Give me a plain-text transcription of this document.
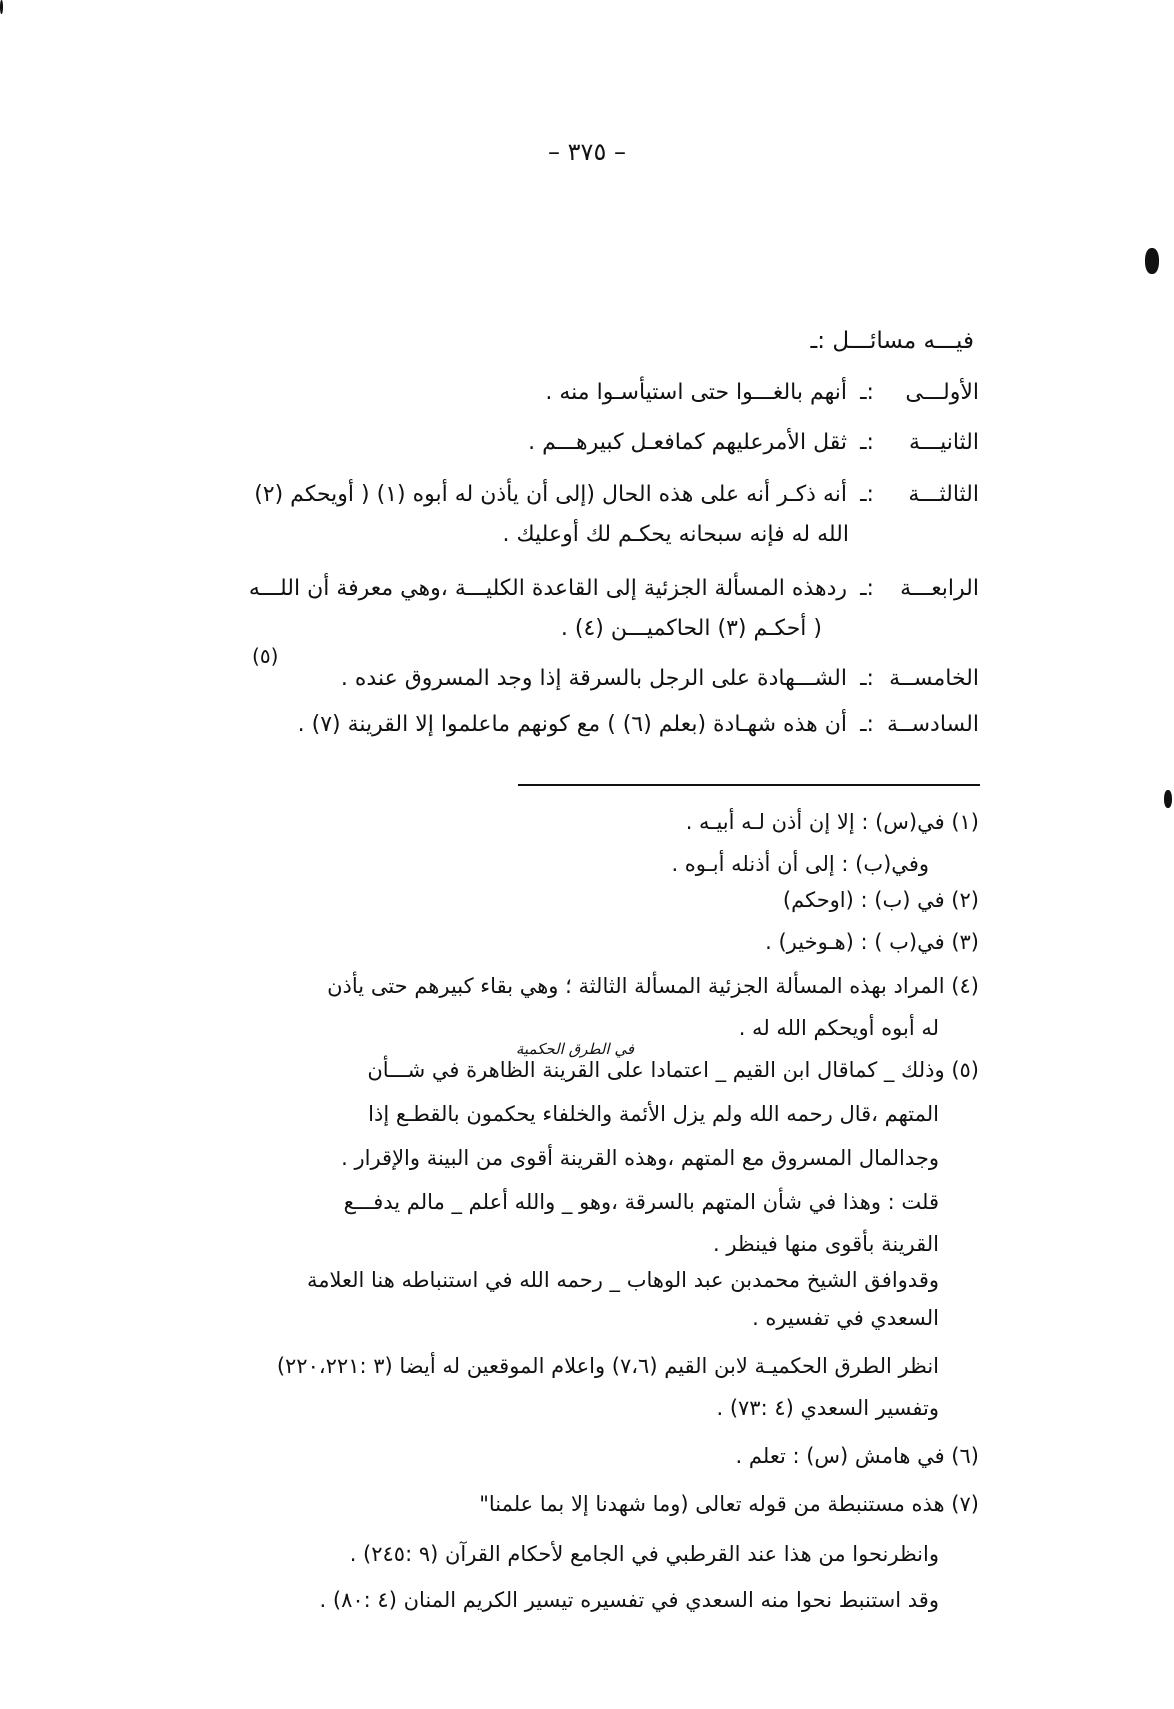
– ٣٧٥ –
فيـــه مسائـــل :ـ
الأولـــى:ـأنهم بالغـــوا حتى استيأسـوا منه .
الثانيـــة:ـثقل الأمرعليهم كمافعـل كبيرهـــم .
الثالثـــة:ـأنه ذكـر أنه على هذه الحال (إلى أن يأذن له أبوه (١) ( أويحكم (٢)
الله له فإنه سبحانه يحكـم لك أوعليك .
الرابعـــة:ـردهذه المسألة الجزئية إلى القاعدة الكليـــة ،وهي معرفة أن اللـــه
( أحكـم (٣) الحاكميـــن (٤) .
(٥)
الخامســة:ـالشـــهادة على الرجل بالسرقة إذا وجد المسروق عنده .
السادســة:ـأن هذه شهـادة (بعلم (٦) ) مع كونهم ماعلموا إلا القرينة (٧) .
(١) في(س) : إلا إن أذن لـه أبيـه .
وفي(ب) : إلى أن أذنله أبـوه .
(٢) في (ب) : (اوحكم)
(٣) في(ب ) : (هـوخير) .
(٤) المراد بهذه المسألة الجزئية المسألة الثالثة ؛ وهي بقاء كبيرهم حتى يأذن
له أبوه أويحكم الله له .
في الطرق الحكمية
(٥) وذلك _ كماقال ابن القيم _ اعتمادا على القرينة الظاهرة في شـــأن
المتهم ،قال رحمه الله ولم يزل الأئمة والخلفاء يحكمون بالقطـع إذا
وجدالمال المسروق مع المتهم ،وهذه القرينة أقوى من البينة والإقرار .
قلت : وهذا في شأن المتهم بالسرقة ،وهو _ والله أعلم _ مالم يدفـــع
القرينة بأقوى منها فينظر .
وقدوافق الشيخ محمدبن عبد الوهاب _ رحمه الله في استنباطه هنا العلامة
السعدي في تفسيره .
انظر الطرق الحكميـة لابن القيم (٧،٦) واعلام الموقعين له أيضا (٣ :٢٢٠،٢٢١)
وتفسير السعدي (٤ :٧٣) .
(٦) في هامش (س) : تعلم .
(٧) هذه مستنبطة من قوله تعالى (وما شهدنا إلا بما علمنا"
وانظرنحوا من هذا عند القرطبي في الجامع لأحكام القرآن (٩ :٢٤٥) .
وقد استنبط نحوا منه السعدي في تفسيره تيسير الكريم المنان (٤ :٨٠) .
